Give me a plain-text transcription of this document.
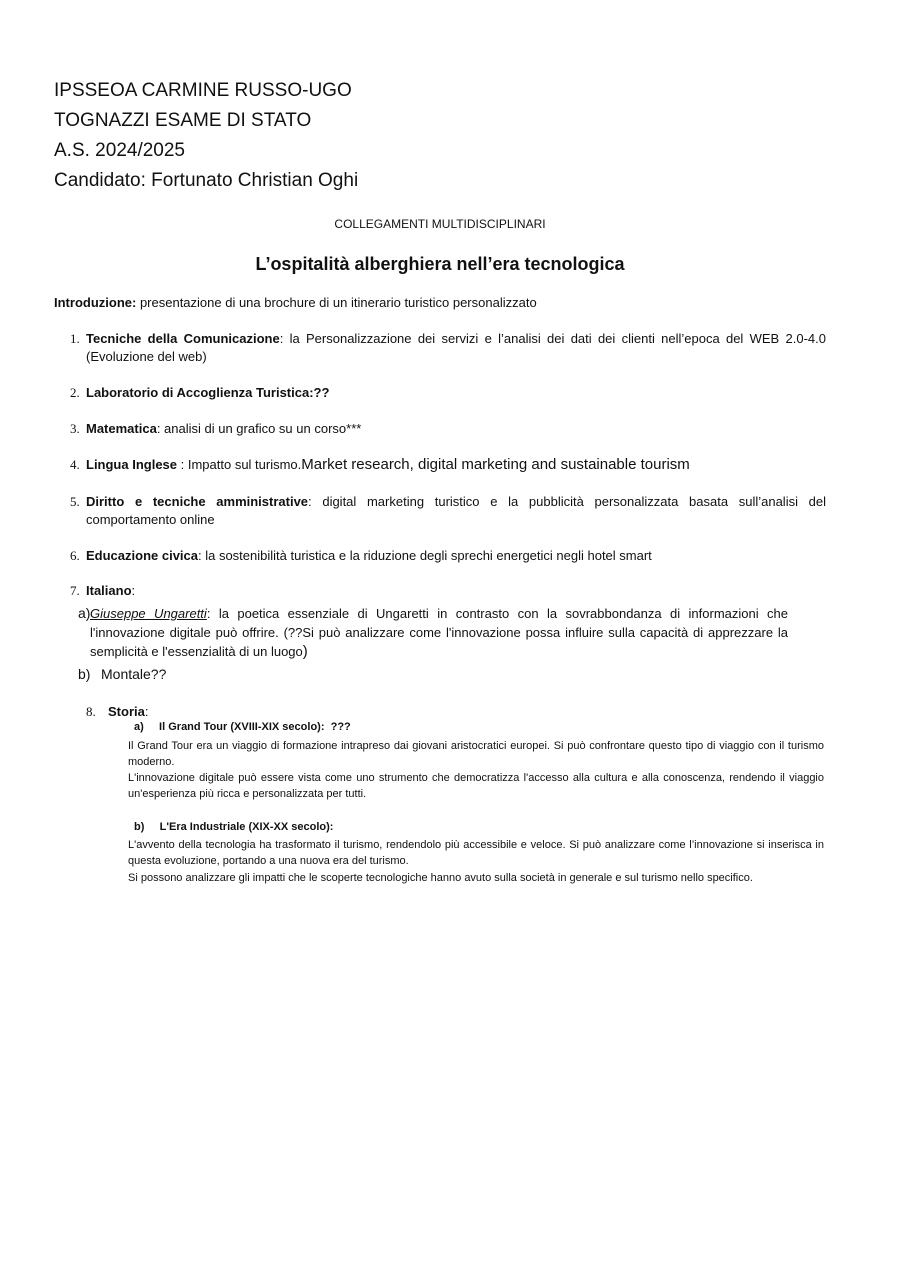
IPSSEOA CARMINE RUSSO-UGO
TOGNAZZI ESAME DI STATO
A.S. 2024/2025
Candidato: Fortunato Christian Oghi
COLLEGAMENTI MULTIDISCIPLINARI
L’ospitalità alberghiera nell’era tecnologica
Introduzione: presentazione di una brochure di un itinerario turistico personalizzato
1. Tecniche della Comunicazione: la Personalizzazione dei servizi e l’analisi dei dati dei clienti nell’epoca del WEB 2.0-4.0 (Evoluzione del web)
2. Laboratorio di Accoglienza Turistica:??
3. Matematica: analisi di un grafico su un corso***
4. Lingua Inglese : Impatto sul turismo.Market research, digital marketing and sustainable tourism
5. Diritto e tecniche amministrative: digital marketing turistico e la pubblicità personalizzata basata sull’analisi del comportamento online
6. Educazione civica: la sostenibilità turistica e la riduzione degli sprechi energetici negli hotel smart
7. Italiano:
a) Giuseppe Ungaretti: la poetica essenziale di Ungaretti in contrasto con la sovrabbondanza di informazioni che l'innovazione digitale può offrire. (??Si può analizzare come l'innovazione possa influire sulla capacità di apprezzare la semplicità e l'essenzialità di un luogo)
b) Montale??
8. Storia:
a)     Il Grand Tour (XVIII-XIX secolo):  ???
Il Grand Tour era un viaggio di formazione intrapreso dai giovani aristocratici europei. Si può confrontare questo tipo di viaggio con il turismo moderno.
L'innovazione digitale può essere vista come uno strumento che democratizza l'accesso alla cultura e alla conoscenza, rendendo il viaggio un'esperienza più ricca e personalizzata per tutti.
b)     L'Era Industriale (XIX-XX secolo):
L'avvento della tecnologia ha trasformato il turismo, rendendolo più accessibile e veloce. Si può analizzare come l’innovazione si inserisca in questa evoluzione, portando a una nuova era del turismo.
Si possono analizzare gli impatti che le scoperte tecnologiche hanno avuto sulla società in generale e sul turismo nello specifico.
